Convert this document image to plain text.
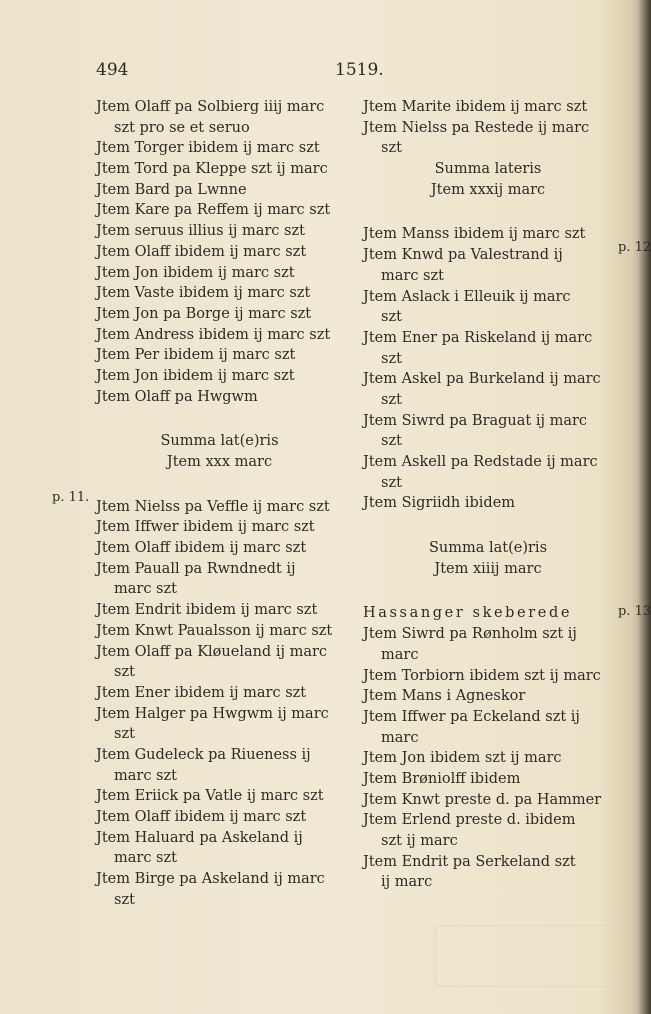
494	1519.
Jtem Olaff pa Solbierg iiij marc
szt pro se et seruo
Jtem Torger ibidem ij marc szt
Jtem Tord pa Kleppe szt ij marc
Jtem Bard pa Lwnne
Jtem Kare pa Reffem ij marc szt
Jtem seruus illius ij marc szt
Jtem Olaff ibidem ij marc szt
Jtem Jon ibidem ij marc szt
Jtem Vaste ibidem ij marc szt
Jtem Jon pa Borge ij marc szt
Jtem Andress ibidem ij marc szt
Jtem Per ibidem ij marc szt
Jtem Jon ibidem ij marc szt
Jtem Olaff pa Hwgwm
Summa lat(e)ris
Jtem xxx marc
Jtem Nielss pa Veffle ij marc szt
Jtem Iffwer ibidem ij marc szt
Jtem Olaff ibidem ij marc szt
Jtem Pauall pa Rwndnedt ij
marc szt
Jtem Endrit ibidem ij marc szt
Jtem Knwt Paualsson ij marc szt
Jtem Olaff pa Kløueland ij marc
szt
Jtem Ener ibidem ij marc szt
Jtem Halger pa Hwgwm ij marc
szt
Jtem Gudeleck pa Riueness ij
marc szt
Jtem Eriick pa Vatle ij marc szt
Jtem Olaff ibidem ij marc szt
Jtem Haluard pa Askeland ij
marc szt
Jtem Birge pa Askeland ij marc
szt
Jtem Marite ibidem ij marc szt
Jtem Nielss pa Restede ij marc
szt
Summa lateris
Jtem xxxij marc
Jtem Manss ibidem ij marc szt
Jtem Knwd pa Valestrand ij
marc szt
Jtem Aslack i Elleuik ij marc
szt
Jtem Ener pa Riskeland ij marc
szt
Jtem Askel pa Burkeland ij marc
szt
Jtem Siwrd pa Braguat ij marc
szt
Jtem Askell pa Redstade ij marc
szt
Jtem Sigriidh ibidem
Summa lat(e)ris
Jtem xiiij marc
Hassanger skeberede
Jtem Siwrd pa Rønholm szt ij
marc
Jtem Torbiorn ibidem szt ij marc
Jtem Mans i Agneskor
Jtem Iffwer pa Eckeland szt ij
marc
Jtem Jon ibidem szt ij marc
Jtem Brøniolff ibidem
Jtem Knwt preste d. pa Hammer
Jtem Erlend preste d. ibidem
szt ij marc
Jtem Endrit pa Serkeland szt
ij marc
p. 11.
p. 12
p. 13
